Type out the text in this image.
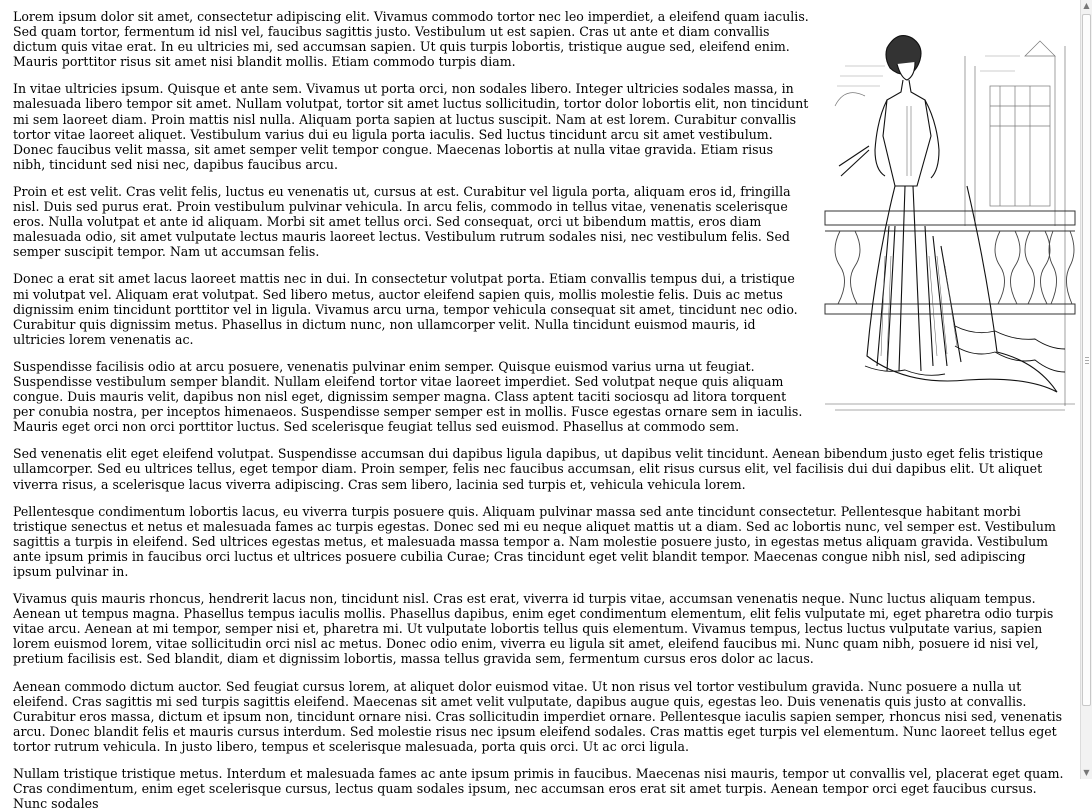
Lorem ipsum dolor sit amet, consectetur adipiscing elit. Vivamus commodo tortor nec leo imperdiet, a eleifend quam iaculis. Sed quam tortor, fermentum id nisl vel, faucibus sagittis justo. Vestibulum ut est sapien. Cras ut ante et diam convallis dictum quis vitae erat. In eu ultricies mi, sed accumsan sapien. Ut quis turpis lobortis, tristique augue sed, eleifend enim. Mauris porttitor risus sit amet nisi blandit mollis. Etiam commodo turpis diam.

In vitae ultricies ipsum. Quisque et ante sem. Vivamus ut porta orci, non sodales libero. Integer ultricies sodales massa, in malesuada libero tempor sit amet. Nullam volutpat, tortor sit amet luctus sollicitudin, tortor dolor lobortis elit, non tincidunt mi sem laoreet diam. Proin mattis nisl nulla. Aliquam porta sapien at luctus suscipit. Nam at est lorem. Curabitur convallis tortor vitae laoreet aliquet. Vestibulum varius dui eu ligula porta iaculis. Sed luctus tincidunt arcu sit amet vestibulum. Donec faucibus velit massa, sit amet semper velit tempor congue. Maecenas lobortis at nulla vitae gravida. Etiam risus nibh, tincidunt sed nisi nec, dapibus faucibus arcu.

Proin et est velit. Cras velit felis, luctus eu venenatis ut, cursus at est. Curabitur vel ligula porta, aliquam eros id, fringilla nisl. Duis sed purus erat. Proin vestibulum pulvinar vehicula. In arcu felis, commodo in tellus vitae, venenatis scelerisque eros. Nulla volutpat et ante id aliquam. Morbi sit amet tellus orci. Sed consequat, orci ut bibendum mattis, eros diam malesuada odio, sit amet vulputate lectus mauris laoreet lectus. Vestibulum rutrum sodales nisi, nec vestibulum felis. Sed semper suscipit tempor. Nam ut accumsan felis.

Donec a erat sit amet lacus laoreet mattis nec in dui. In consectetur volutpat porta. Etiam convallis tempus dui, a tristique mi volutpat vel. Aliquam erat volutpat. Sed libero metus, auctor eleifend sapien quis, mollis molestie felis. Duis ac metus dignissim enim tincidunt porttitor vel in ligula. Vivamus arcu urna, tempor vehicula consequat sit amet, tincidunt nec odio. Curabitur quis dignissim metus. Phasellus in dictum nunc, non ullamcorper velit. Nulla tincidunt euismod mauris, id ultricies lorem venenatis ac.

Suspendisse facilisis odio at arcu posuere, venenatis pulvinar enim semper. Quisque euismod varius urna ut feugiat. Suspendisse vestibulum semper blandit. Nullam eleifend tortor vitae laoreet imperdiet. Sed volutpat neque quis aliquam congue. Duis mauris velit, dapibus non nisl eget, dignissim semper magna. Class aptent taciti sociosqu ad litora torquent per conubia nostra, per inceptos himenaeos. Suspendisse semper semper est in mollis. Fusce egestas ornare sem in iaculis. Mauris eget orci non orci porttitor luctus. Sed scelerisque feugiat tellus sed euismod. Phasellus at commodo sem.

Sed venenatis elit eget eleifend volutpat. Suspendisse accumsan dui dapibus ligula dapibus, ut dapibus velit tincidunt. Aenean bibendum justo eget felis tristique ullamcorper. Sed eu ultrices tellus, eget tempor diam. Proin semper, felis nec faucibus accumsan, elit risus cursus elit, vel facilisis dui dui dapibus elit. Ut aliquet viverra risus, a scelerisque lacus viverra adipiscing. Cras sem libero, lacinia sed turpis et, vehicula vehicula lorem.

Pellentesque condimentum lobortis lacus, eu viverra turpis posuere quis. Aliquam pulvinar massa sed ante tincidunt consectetur. Pellentesque habitant morbi tristique senectus et netus et malesuada fames ac turpis egestas. Donec sed mi eu neque aliquet mattis ut a diam. Sed ac lobortis nunc, vel semper est. Vestibulum sagittis a turpis in eleifend. Sed ultrices egestas metus, et malesuada massa tempor a. Nam molestie posuere justo, in egestas metus aliquam gravida. Vestibulum ante ipsum primis in faucibus orci luctus et ultrices posuere cubilia Curae; Cras tincidunt eget velit blandit tempor. Maecenas congue nibh nisl, sed adipiscing ipsum pulvinar in.

Vivamus quis mauris rhoncus, hendrerit lacus non, tincidunt nisl. Cras est erat, viverra id turpis vitae, accumsan venenatis neque. Nunc luctus aliquam tempus. Aenean ut tempus magna. Phasellus tempus iaculis mollis. Phasellus dapibus, enim eget condimentum elementum, elit felis vulputate mi, eget pharetra odio turpis vitae arcu. Aenean at mi tempor, semper nisi et, pharetra mi. Ut vulputate lobortis tellus quis elementum. Vivamus tempus, lectus luctus vulputate varius, sapien lorem euismod lorem, vitae sollicitudin orci nisl ac metus. Donec odio enim, viverra eu ligula sit amet, eleifend faucibus mi. Nunc quam nibh, posuere id nisi vel, pretium facilisis est. Sed blandit, diam et dignissim lobortis, massa tellus gravida sem, fermentum cursus eros dolor ac lacus.

Aenean commodo dictum auctor. Sed feugiat cursus lorem, at aliquet dolor euismod vitae. Ut non risus vel tortor vestibulum gravida. Nunc posuere a nulla ut eleifend. Cras sagittis mi sed turpis sagittis eleifend. Maecenas sit amet velit vulputate, dapibus augue quis, egestas leo. Duis venenatis quis justo at convallis. Curabitur eros massa, dictum et ipsum non, tincidunt ornare nisi. Cras sollicitudin imperdiet ornare. Pellentesque iaculis sapien semper, rhoncus nisi sed, venenatis arcu. Donec blandit felis et mauris cursus interdum. Sed molestie risus nec ipsum eleifend sodales. Cras mattis eget turpis vel elementum. Nunc laoreet tellus eget tortor rutrum vehicula. In justo libero, tempus et scelerisque malesuada, porta quis orci. Ut ac orci ligula.

Nullam tristique tristique metus. Interdum et malesuada fames ac ante ipsum primis in faucibus. Maecenas nisi mauris, tempor ut convallis vel, placerat eget quam. Cras condimentum, enim eget scelerisque cursus, lectus quam sodales ipsum, nec accumsan eros erat sit amet turpis. Aenean tempor orci eget faucibus cursus. Nunc sodales

▲
▼
